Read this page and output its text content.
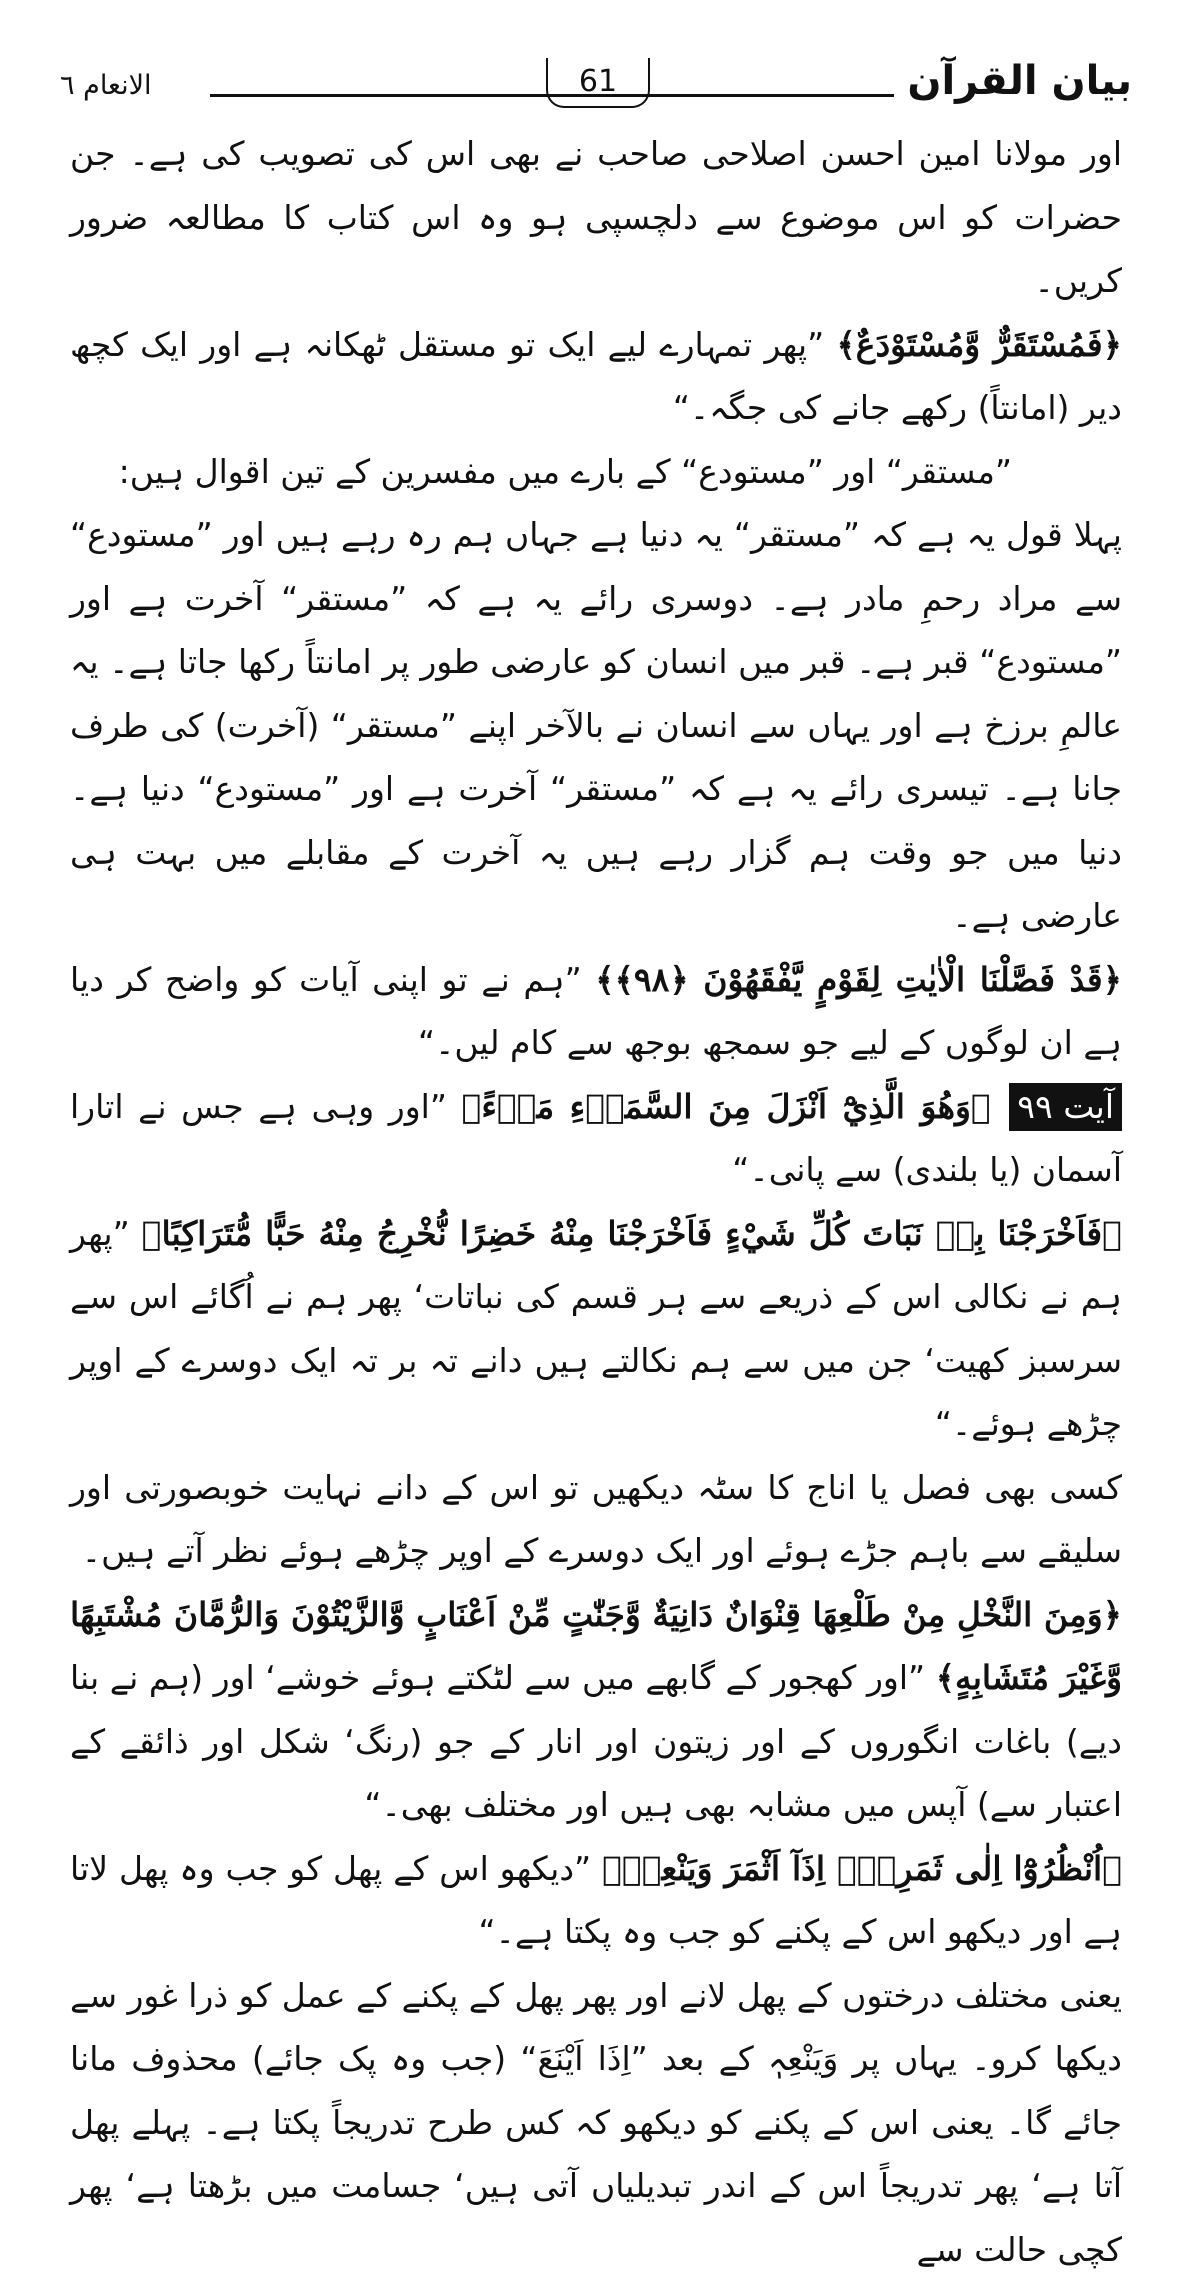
بیان القرآن
61
الانعام ٦

اور مولانا امین احسن اصلاحی صاحب نے بھی اس کی تصویب کی ہے۔ جن حضرات کو اس موضوع سے دلچسپی ہو وہ اس کتاب کا مطالعہ ضرور کریں۔

﴿فَمُسْتَقَرٌّ وَّمُسْتَوْدَعٌ﴾ ”پھر تمہارے لیے ایک تو مستقل ٹھکانہ ہے اور ایک کچھ دیر (امانتاً) رکھے جانے کی جگہ۔“

”مستقر“ اور ”مستودع“ کے بارے میں مفسرین کے تین اقوال ہیں:

پہلا قول یہ ہے کہ ”مستقر“ یہ دنیا ہے جہاں ہم رہ رہے ہیں اور ”مستودع“ سے مراد رحمِ مادر ہے۔ دوسری رائے یہ ہے کہ ”مستقر“ آخرت ہے اور ”مستودع“ قبر ہے۔ قبر میں انسان کو عارضی طور پر امانتاً رکھا جاتا ہے۔ یہ عالمِ برزخ ہے اور یہاں سے انسان نے بالآخر اپنے ”مستقر“ (آخرت) کی طرف جانا ہے۔ تیسری رائے یہ ہے کہ ”مستقر“ آخرت ہے اور ”مستودع“ دنیا ہے۔ دنیا میں جو وقت ہم گزار رہے ہیں یہ آخرت کے مقابلے میں بہت ہی عارضی ہے۔

﴿قَدْ فَصَّلْنَا الْاٰيٰتِ لِقَوْمٍ يَّفْقَهُوْنَ ﴿٩٨﴾﴾ ”ہم نے تو اپنی آیات کو واضح کر دیا ہے ان لوگوں کے لیے جو سمجھ بوجھ سے کام لیں۔“

آیت ۹۹ ﴿وَهُوَ الَّذِيْٓ اَنْزَلَ مِنَ السَّمَاۗءِ مَاۗءً﴾ ”اور وہی ہے جس نے اتارا آسمان (یا بلندی) سے پانی۔“

﴿فَاَخْرَجْنَا بِهٖ نَبَاتَ كُلِّ شَيْءٍ فَاَخْرَجْنَا مِنْهُ خَضِرًا نُّخْرِجُ مِنْهُ حَبًّا مُّتَرَاكِبًا﴾ ”پھر ہم نے نکالی اس کے ذریعے سے ہر قسم کی نباتات‘ پھر ہم نے اُگائے اس سے سرسبز کھیت‘ جن میں سے ہم نکالتے ہیں دانے تہ بر تہ ایک دوسرے کے اوپر چڑھے ہوئے۔“

کسی بھی فصل یا اناج کا سٹہ دیکھیں تو اس کے دانے نہایت خوبصورتی اور سلیقے سے باہم جڑے ہوئے اور ایک دوسرے کے اوپر چڑھے ہوئے نظر آتے ہیں۔

﴿وَمِنَ النَّخْلِ مِنْ طَلْعِهَا قِنْوَانٌ دَانِيَةٌ وَّجَنّٰتٍ مِّنْ اَعْنَابٍ وَّالزَّيْتُوْنَ وَالرُّمَّانَ مُشْتَبِهًا وَّغَيْرَ مُتَشَابِهٍ﴾ ”اور کھجور کے گابھے میں سے لٹکتے ہوئے خوشے‘ اور (ہم نے بنا دیے) باغات انگوروں کے اور زیتون اور انار کے جو (رنگ‘ شکل اور ذائقے کے اعتبار سے) آپس میں مشابہ بھی ہیں اور مختلف بھی۔“

﴿اُنْظُرُوْٓا اِلٰى ثَمَرِهٖٓ اِذَآ اَثْمَرَ وَيَنْعِهٖ﴾ ”دیکھو اس کے پھل کو جب وہ پھل لاتا ہے اور دیکھو اس کے پکنے کو جب وہ پکتا ہے۔“

یعنی مختلف درختوں کے پھل لانے اور پھر پھل کے پکنے کے عمل کو ذرا غور سے دیکھا کرو۔ یہاں پر وَیَنْعِہٖ کے بعد ”اِذَا اَیْنَعَ“ (جب وہ پک جائے) محذوف مانا جائے گا۔ یعنی اس کے پکنے کو دیکھو کہ کس طرح تدریجاً پکتا ہے۔ پہلے پھل آتا ہے‘ پھر تدریجاً اس کے اندر تبدیلیاں آتی ہیں‘ جسامت میں بڑھتا ہے‘ پھر کچی حالت سے
